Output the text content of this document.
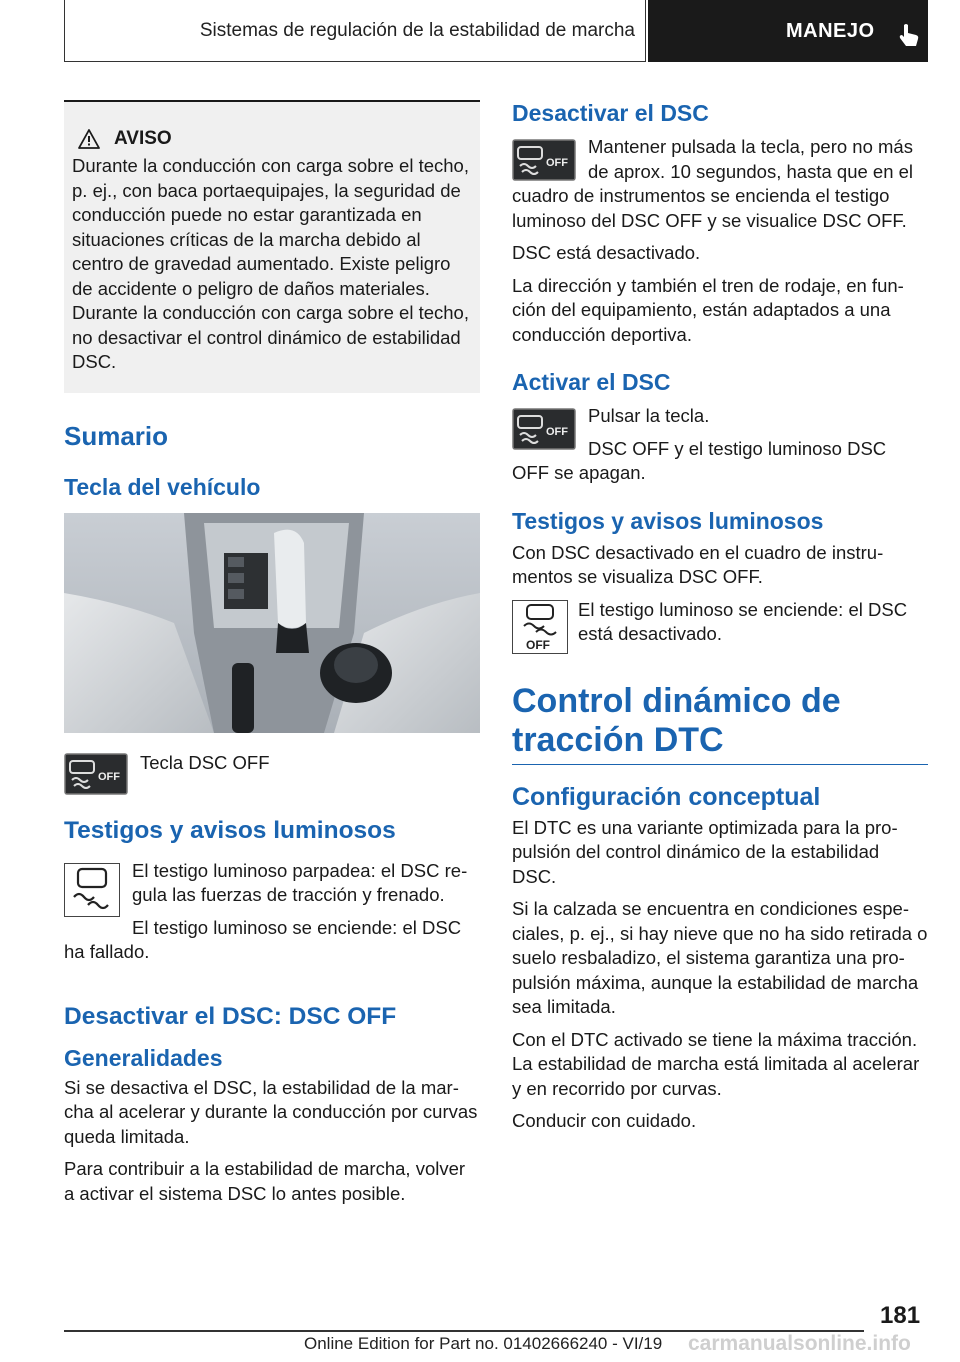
Sistemas de regulación de la estabilidad de marcha	MANEJO
AVISO

Durante la conducción con carga sobre el techo, p. ej., con baca portaequipajes, la seguridad de conducción puede no estar garantizada en situaciones críticas de la marcha debido al centro de gravedad aumentado. Existe peligro de accidente o peligro de daños materiales. Durante la conducción con carga sobre el techo, no desactivar el control dinámico de estabilidad DSC.

Sumario
Tecla del vehículo
OFF

Tecla DSC OFF

Testigos y avisos luminosos

El testigo luminoso parpadea: el DSC regula las fuerzas de tracción y frenado.

El testigo luminoso se enciende: el DSC ha fallado.

Desactivar el DSC: DSC OFF
Generalidades

Si se desactiva el DSC, la estabilidad de la marcha al acelerar y durante la conducción por curvas queda limitada.

Para contribuir a la estabilidad de marcha, volver a activar el sistema DSC lo antes posible.

Desactivar el DSC
OFF

Mantener pulsada la tecla, pero no más de aprox. 10 segundos, hasta que en el cuadro de instrumentos se encienda el testigo luminoso del DSC OFF y se visualice DSC OFF.

DSC está desactivado.

La dirección y también el tren de rodaje, en función del equipamiento, están adaptados a una conducción deportiva.

Activar el DSC
OFF

Pulsar la tecla.

DSC OFF y el testigo luminoso DSC OFF se apagan.

Testigos y avisos luminosos

Con DSC desactivado en el cuadro de instrumentos se visualiza DSC OFF.

OFF

El testigo luminoso se enciende: el DSC está desactivado.

Control dinámico de tracción DTC
Configuración conceptual

El DTC es una variante optimizada para la propulsión del control dinámico de la estabilidad DSC.

Si la calzada se encuentra en condiciones especiales, p. ej., si hay nieve que no ha sido retirada o suelo resbaladizo, el sistema garantiza una propulsión máxima, aunque la estabilidad de marcha sea limitada.

Con el DTC activado se tiene la máxima tracción. La estabilidad de marcha está limitada al acelerar y en recorrido por curvas.

Conducir con cuidado.

181
Online Edition for Part no. 01402666240 - VI/19 carmanualsonline.info
